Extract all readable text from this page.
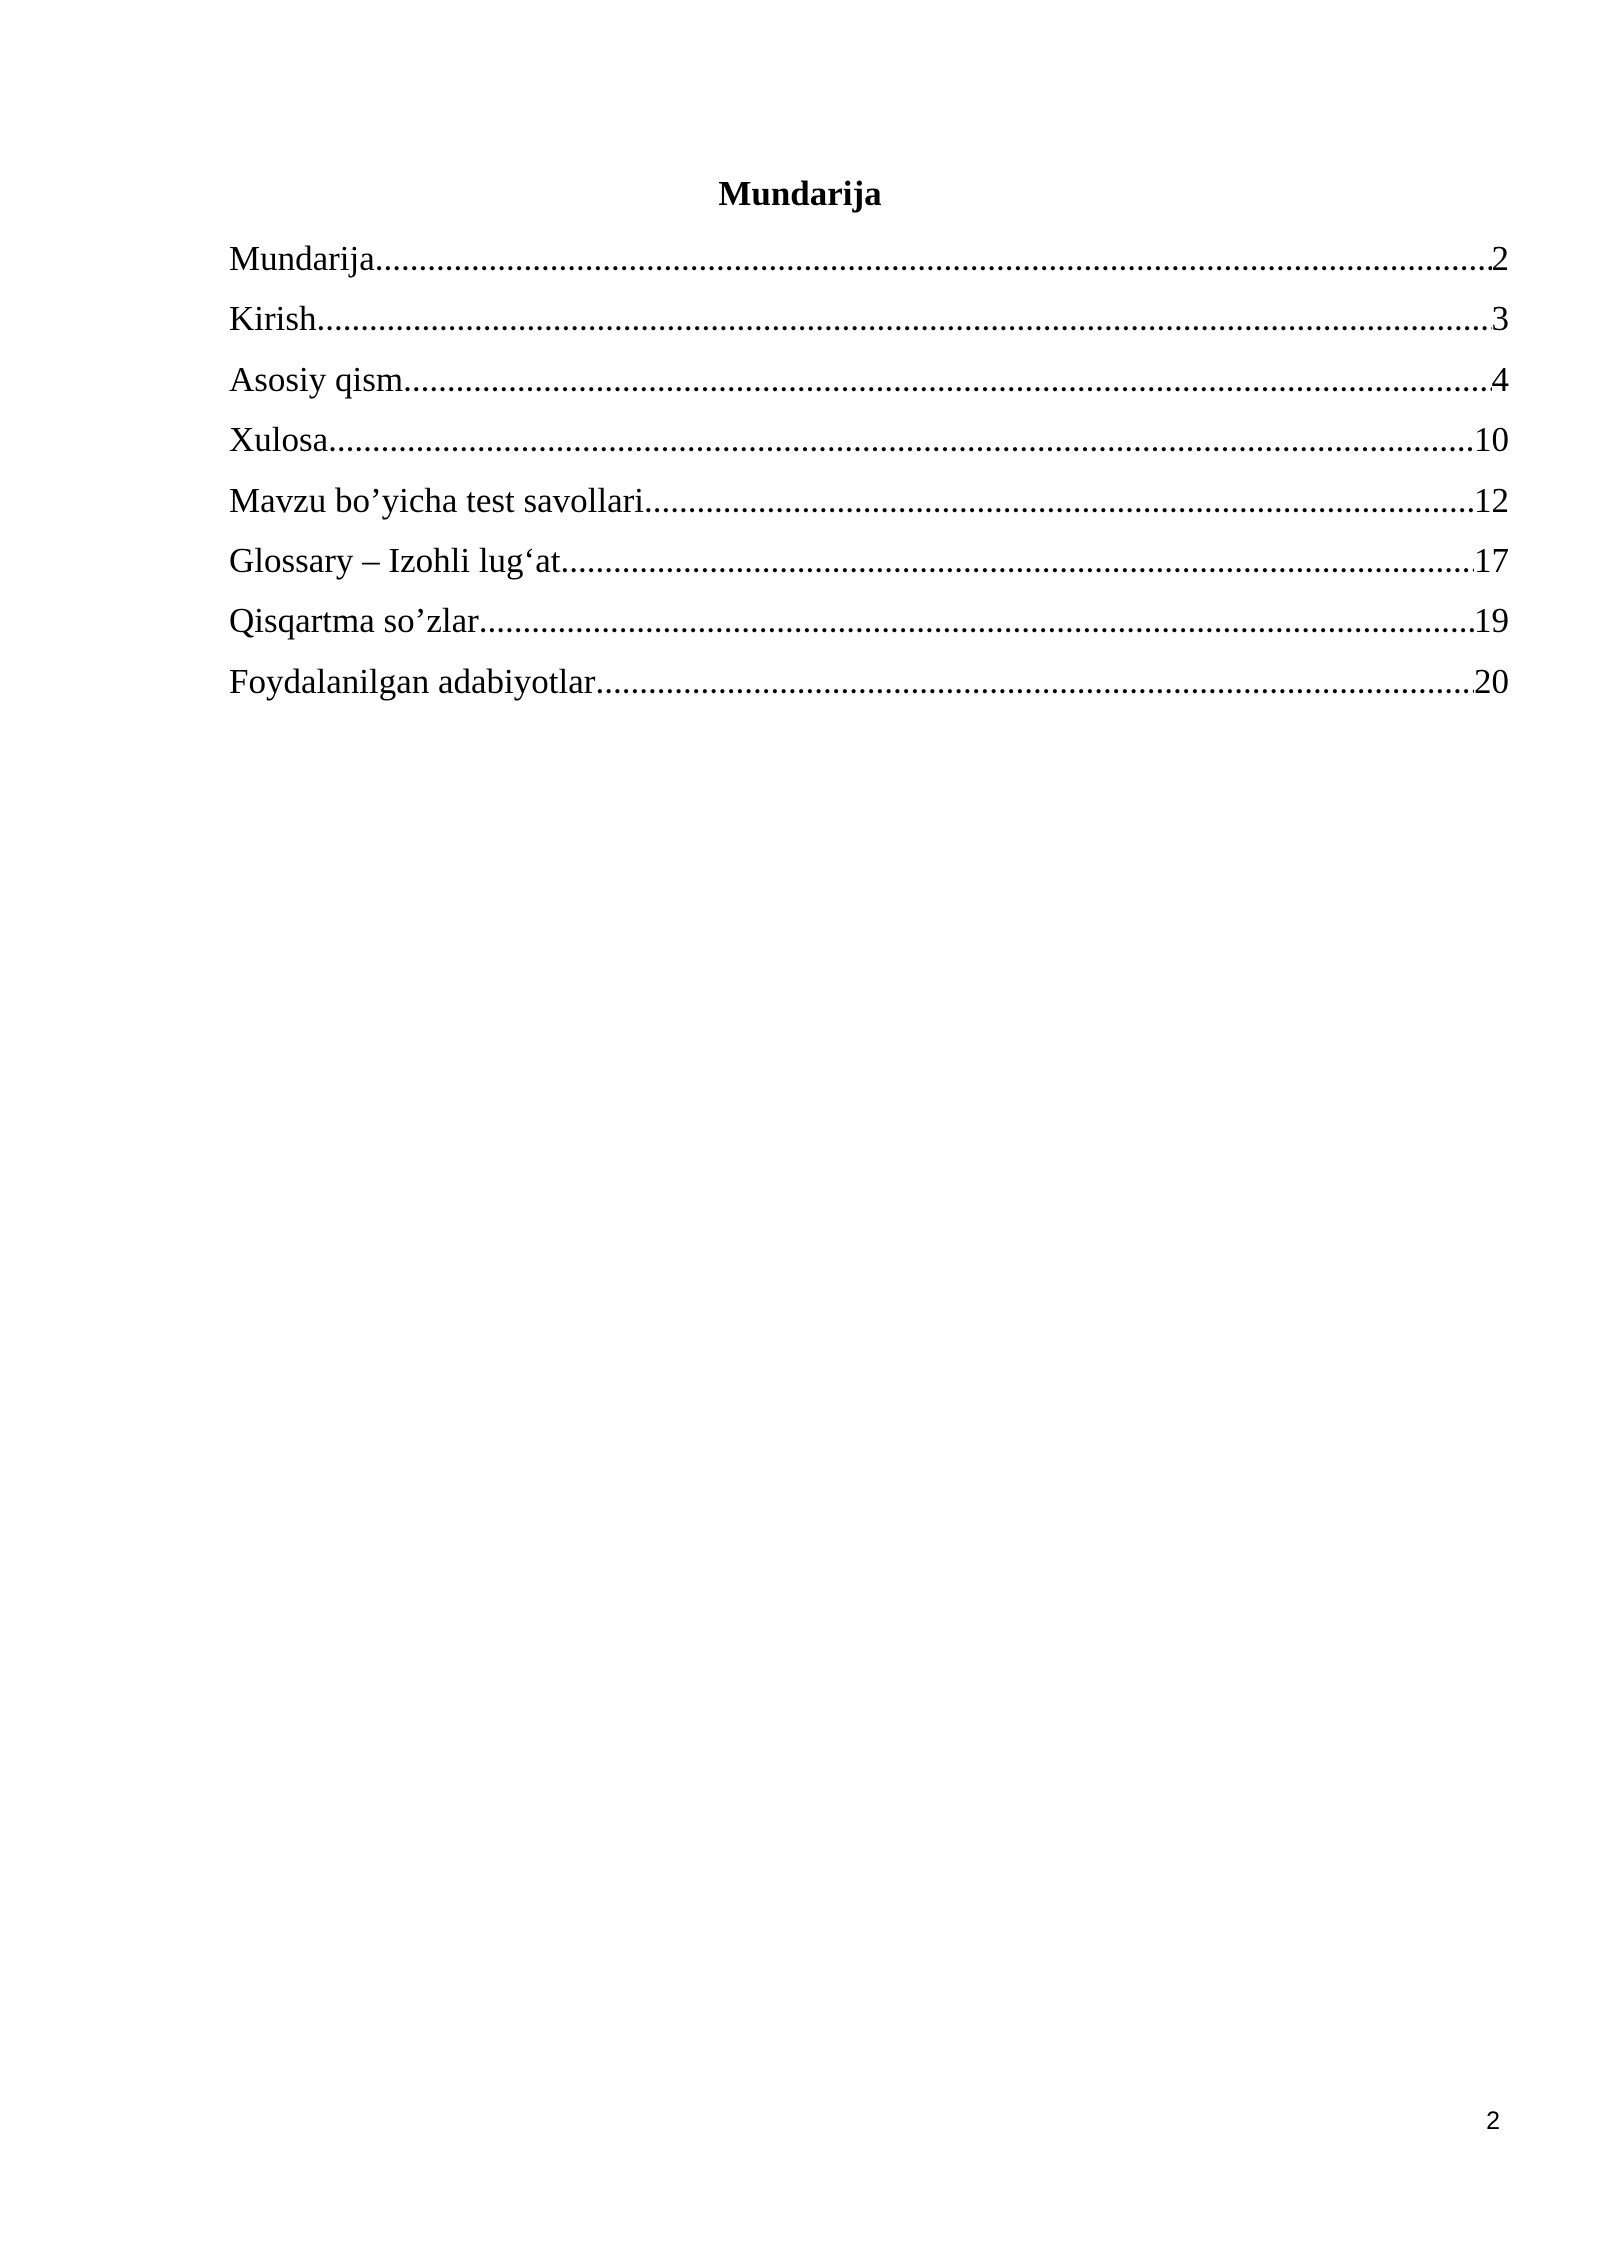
Mundarija
Mundarija .....	2
Kirish .....	3
Asosiy qism .....	4
Xulosa .....	10
Mavzu bo’yicha test savollari .....	12
Glossary – Izohli lug‘at .....	17
Qisqartma so’zlar .....	19
Foydalanilgan adabiyotlar .....	20
2
